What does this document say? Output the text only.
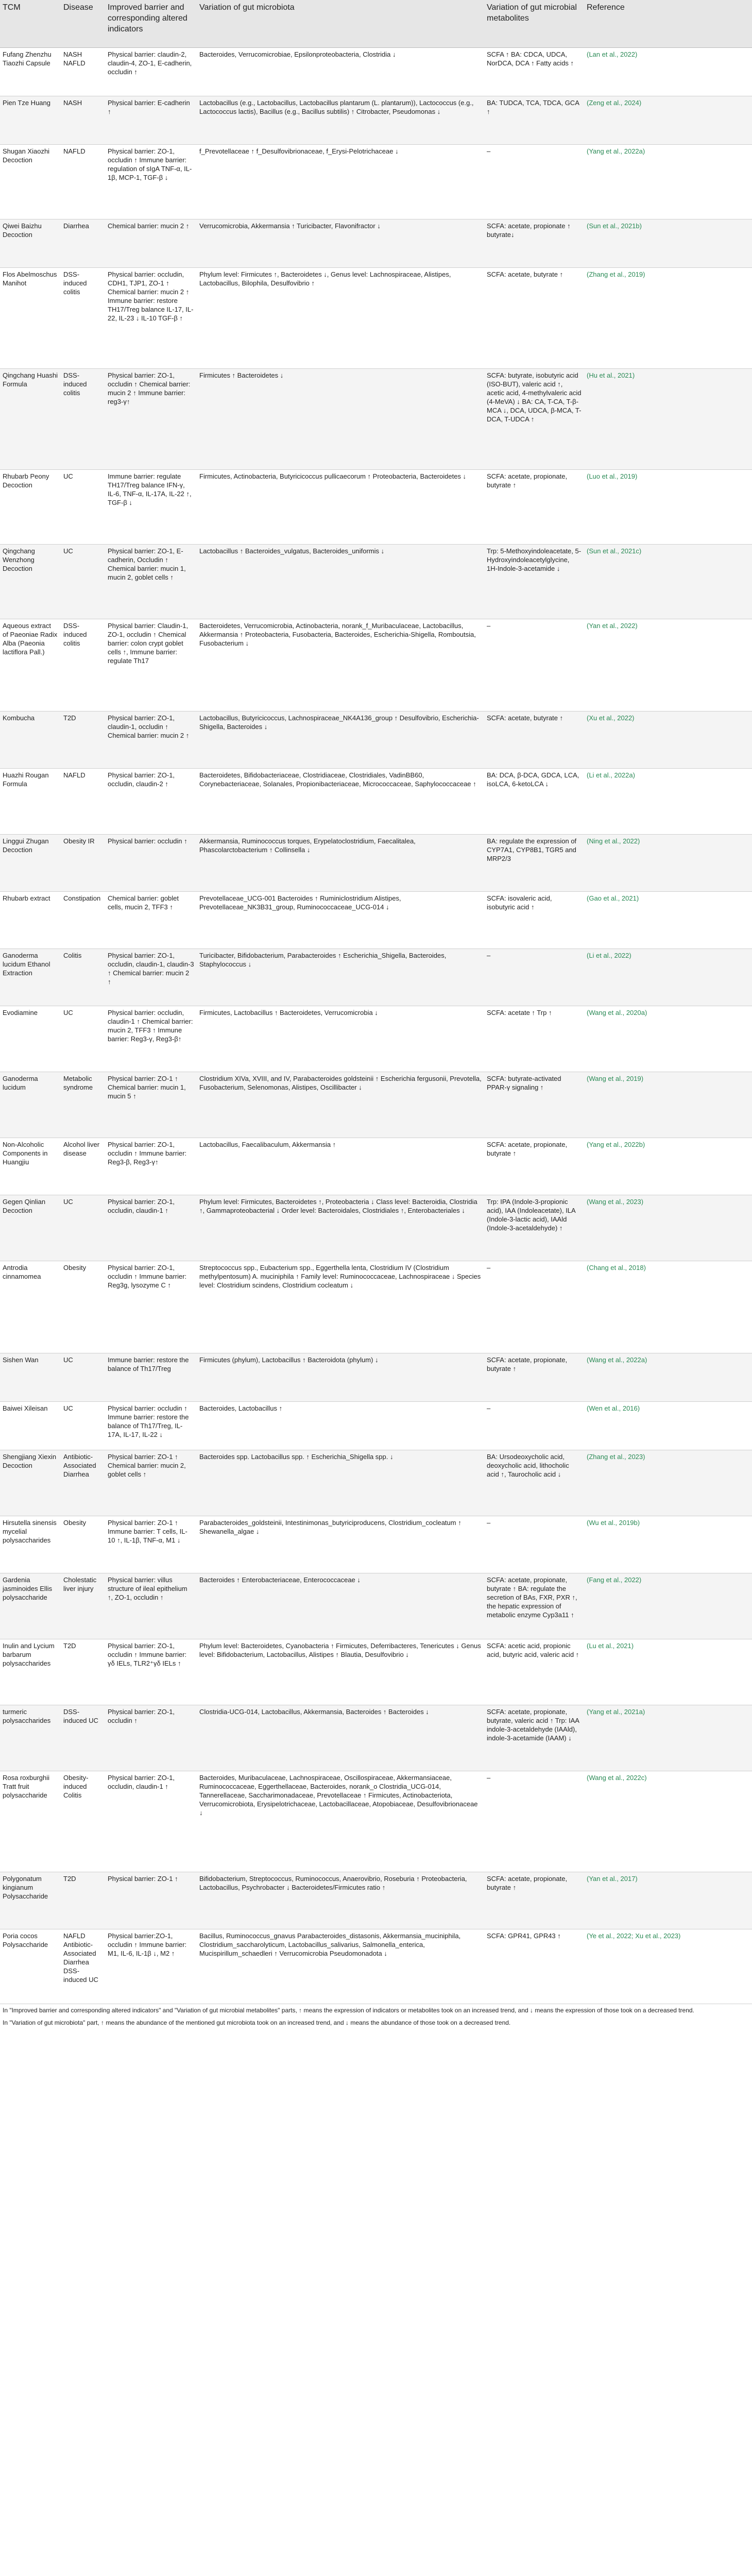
TCM	Disease	Improved barrier and corresponding altered indicators	Variation of gut microbiota	Variation of gut microbial metabolites	Reference
Fufang Zhenzhu Tiaozhi Capsule	NASH NAFLD	Physical barrier: claudin-2, claudin-4, ZO-1, E-cadherin, occludin ↑	Bacteroides, Verrucomicrobiae, Epsilonproteobacteria, Clostridia ↓	SCFA ↑ BA: CDCA, UDCA, NorDCA, DCA ↑ Fatty acids ↑	(Lan et al., 2022)
Pien Tze Huang	NASH	Physical barrier: E-cadherin ↑	Lactobacillus (e.g., Lactobacillus, Lactobacillus plantarum (L. plantarum)), Lactococcus (e.g., Lactococcus lactis), Bacillus (e.g., Bacillus subtilis) ↑ Citrobacter, Pseudomonas ↓	BA: TUDCA, TCA, TDCA, GCA ↑	(Zeng et al., 2024)
Shugan Xiaozhi Decoction	NAFLD	Physical barrier: ZO-1, occludin ↑ Immune barrier: regulation of sIgA TNF-α, IL-1β, MCP-1, TGF-β ↓	f_Prevotellaceae ↑ f_Desulfovibrionaceae, f_Erysi-Pelotrichaceae ↓	–	(Yang et al., 2022a)
Qiwei Baizhu Decoction	Diarrhea	Chemical barrier: mucin 2 ↑	Verrucomicrobia, Akkermansia ↑ Turicibacter, Flavonifractor ↓	SCFA: acetate, propionate ↑ butyrate↓	(Sun et al., 2021b)
Flos Abelmoschus Manihot	DSS-induced colitis	Physical barrier: occludin, CDH1, TJP1, ZO-1 ↑ Chemical barrier: mucin 2 ↑ Immune barrier: restore TH17/Treg balance IL-17, IL-22, IL-23 ↓ IL-10 TGF-β ↑	Phylum level: Firmicutes ↑, Bacteroidetes ↓, Genus level: Lachnospiraceae, Alistipes, Lactobacillus, Bilophila, Desulfovibrio ↑	SCFA: acetate, butyrate ↑	(Zhang et al., 2019)
Qingchang Huashi Formula	DSS-induced colitis	Physical barrier: ZO-1, occludin ↑ Chemical barrier: mucin 2 ↑ Immune barrier: reg3-γ↑	Firmicutes ↑ Bacteroidetes ↓	SCFA: butyrate, isobutyric acid (ISO-BUT), valeric acid ↑, acetic acid, 4-methylvaleric acid (4-MeVA) ↓ BA: CA, T-CA, T-β-MCA ↓, DCA, UDCA, β-MCA, T-DCA, T-UDCA ↑	(Hu et al., 2021)
Rhubarb Peony Decoction	UC	Immune barrier: regulate TH17/Treg balance IFN-γ, IL-6, TNF-α, IL-17A, IL-22 ↑, TGF-β ↓	Firmicutes, Actinobacteria, Butyricicoccus pullicaecorum ↑ Proteobacteria, Bacteroidetes ↓	SCFA: acetate, propionate, butyrate ↑	(Luo et al., 2019)
Qingchang Wenzhong Decoction	UC	Physical barrier: ZO-1, E-cadherin, Occludin ↑ Chemical barrier: mucin 1, mucin 2, goblet cells ↑	Lactobacillus ↑ Bacteroides_vulgatus, Bacteroides_uniformis ↓	Trp: 5-Methoxyindoleacetate, 5-Hydroxyindoleacetylglycine, 1H-Indole-3-acetamide ↓	(Sun et al., 2021c)
Aqueous extract of Paeoniae Radix Alba (Paeonia lactiflora Pall.)	DSS-induced colitis	Physical barrier: Claudin-1, ZO-1, occludin ↑ Chemical barrier: colon crypt goblet cells ↑, Immune barrier: regulate Th17	Bacteroidetes, Verrucomicrobia, Actinobacteria, norank_f_Muribaculaceae, Lactobacillus, Akkermansia ↑ Proteobacteria, Fusobacteria, Bacteroides, Escherichia-Shigella, Romboutsia, Fusobacterium ↓	–	(Yan et al., 2022)
Kombucha	T2D	Physical barrier: ZO-1, claudin-1, occludin ↑ Chemical barrier: mucin 2 ↑	Lactobacillus, Butyricicoccus, Lachnospiraceae_NK4A136_group ↑ Desulfovibrio, Escherichia-Shigella, Bacteroides ↓	SCFA: acetate, butyrate ↑	(Xu et al., 2022)
Huazhi Rougan Formula	NAFLD	Physical barrier: ZO-1, occludin, claudin-2 ↑	Bacteroidetes, Bifidobacteriaceae, Clostridiaceae, Clostridiales, VadinBB60, Corynebacteriaceae, Solanales, Propionibacteriaceae, Micrococcaceae, Saphylococcaceae ↑	BA: DCA, β-DCA, GDCA, LCA, isoLCA, 6-ketoLCA ↓	(Li et al., 2022a)
Linggui Zhugan Decoction	Obesity IR	Physical barrier: occludin ↑	Akkermansia, Ruminococcus torques, Erypelatoclostridium, Faecalitalea, Phascolarctobacterium ↑ Collinsella ↓	BA: regulate the expression of CYP7A1, CYP8B1, TGR5 and MRP2/3	(Ning et al., 2022)
Rhubarb extract	Constipation	Chemical barrier: goblet cells, mucin 2, TFF3 ↑	Prevotellaceae_UCG-001 Bacteroides ↑ Ruminiclostridium Alistipes, Prevotellaceae_NK3B31_group, Ruminococcaceae_UCG-014 ↓	SCFA: isovaleric acid, isobutyric acid ↑	(Gao et al., 2021)
Ganoderma lucidum Ethanol Extraction	Colitis	Physical barrier: ZO-1, occludin, claudin-1, claudin-3 ↑ Chemical barrier: mucin 2 ↑	Turicibacter, Bifidobacterium, Parabacteroides ↑ Escherichia_Shigella, Bacteroides, Staphylococcus ↓	–	(Li et al., 2022)
Evodiamine	UC	Physical barrier: occludin, claudin-1 ↑ Chemical barrier: mucin 2, TFF3 ↑ Immune barrier: Reg3-γ, Reg3-β↑	Firmicutes, Lactobacillus ↑ Bacteroidetes, Verrucomicrobia ↓	SCFA: acetate ↑ Trp ↑	(Wang et al., 2020a)
Ganoderma lucidum	Metabolic syndrome	Physical barrier: ZO-1 ↑ Chemical barrier: mucin 1, mucin 5 ↑	Clostridium XIVa, XVIII, and IV, Parabacteroides goldsteinii ↑ Escherichia fergusonii, Prevotella, Fusobacterium, Selenomonas, Alistipes, Oscillibacter ↓	SCFA: butyrate-activated PPAR-γ signaling ↑	(Wang et al., 2019)
Non-Alcoholic Components in Huangjiu	Alcohol liver disease	Physical barrier: ZO-1, occludin ↑ Immune barrier: Reg3-β, Reg3-γ↑	Lactobacillus, Faecalibaculum, Akkermansia ↑	SCFA: acetate, propionate, butyrate ↑	(Yang et al., 2022b)
Gegen Qinlian Decoction	UC	Physical barrier: ZO-1, occludin, claudin-1 ↑	Phylum level: Firmicutes, Bacteroidetes ↑, Proteobacteria ↓ Class level: Bacteroidia, Clostridia ↑, Gammaproteobacterial ↓ Order level: Bacteroidales, Clostridiales ↑, Enterobacteriales ↓	Trp: IPA (Indole-3-propionic acid), IAA (Indoleacetate), ILA (Indole-3-lactic acid), IAAld (Indole-3-acetaldehyde) ↑	(Wang et al., 2023)
Antrodia cinnamomea	Obesity	Physical barrier: ZO-1, occludin ↑ Immune barrier: Reg3g, lysozyme C ↑	Streptococcus spp., Eubacterium spp., Eggerthella lenta, Clostridium IV (Clostridium methylpentosum) A. muciniphila ↑ Family level: Ruminococcaceae, Lachnospiraceae ↓ Species level: Clostridium scindens, Clostridium cocleatum ↓	–	(Chang et al., 2018)
Sishen Wan	UC	Immune barrier: restore the balance of Th17/Treg	Firmicutes (phylum), Lactobacillus ↑ Bacteroidota (phylum) ↓	SCFA: acetate, propionate, butyrate ↑	(Wang et al., 2022a)
Baiwei Xileisan	UC	Physical barrier: occludin ↑ Immune barrier: restore the balance of Th17/Treg, IL-17A, IL-17, IL-22 ↓	Bacteroides, Lactobacillus ↑	–	(Wen et al., 2016)
Shengjiang Xiexin Decoction	Antibiotic-Associated Diarrhea	Physical barrier: ZO-1 ↑ Chemical barrier: mucin 2, goblet cells ↑	Bacteroides spp. Lactobacillus spp. ↑ Escherichia_Shigella spp. ↓	BA: Ursodeoxycholic acid, deoxycholic acid, lithocholic acid ↑, Taurocholic acid ↓	(Zhang et al., 2023)
Hirsutella sinensis mycelial polysaccharides	Obesity	Physical barrier: ZO-1 ↑ Immune barrier: T cells, IL-10 ↑, IL-1β, TNF-α, M1 ↓	Parabacteroides_goldsteinii, Intestinimonas_butyriciproducens, Clostridium_cocleatum ↑ Shewanella_algae ↓	–	(Wu et al., 2019b)
Gardenia jasminoides Ellis polysaccharide	Cholestatic liver injury	Physical barrier: villus structure of ileal epithelium ↑, ZO-1, occludin ↑	Bacteroides ↑ Enterobacteriaceae, Enterococcaceae ↓	SCFA: acetate, propionate, butyrate ↑ BA: regulate the secretion of BAs, FXR, PXR ↑, the hepatic expression of metabolic enzyme Cyp3a11 ↑	(Fang et al., 2022)
Inulin and Lycium barbarum polysaccharides	T2D	Physical barrier: ZO-1, occludin ↑ Immune barrier: γδ IELs, TLR2⁺γδ IELs ↑	Phylum level: Bacteroidetes, Cyanobacteria ↑ Firmicutes, Deferribacteres, Tenericutes ↓ Genus level: Bifidobacterium, Lactobacillus, Alistipes ↑ Blautia, Desulfovibrio ↓	SCFA: acetic acid, propionic acid, butyric acid, valeric acid ↑	(Lu et al., 2021)
turmeric polysaccharides	DSS-induced UC	Physical barrier: ZO-1, occludin ↑	Clostridia-UCG-014, Lactobacillus, Akkermansia, Bacteroides ↑ Bacteroides ↓	SCFA: acetate, propionate, butyrate, valeric acid ↑ Trp: IAA indole-3-acetaldehyde (IAAld), indole-3-acetamide (IAAM) ↓	(Yang et al., 2021a)
Rosa roxburghii Tratt fruit polysaccharide	Obesity-induced Colitis	Physical barrier: ZO-1, occludin, claudin-1 ↑	Bacteroides, Muribaculaceae, Lachnospiraceae, Oscillospiraceae, Akkermansiaceae, Ruminococcaceae, Eggerthellaceae, Bacteroides, norank_o Clostridia_UCG-014, Tannerellaceae, Saccharimonadaceae, Prevotellaceae ↑ Firmicutes, Actinobacteriota, Verrucomicrobiota, Erysipelotrichaceae, Lactobacillaceae, Atopobiaceae, Desulfovibrionaceae ↓	–	(Wang et al., 2022c)
Polygonatum kingianum Polysaccharide	T2D	Physical barrier: ZO-1 ↑	Bifidobacterium, Streptococcus, Ruminococcus, Anaerovibrio, Roseburia ↑ Proteobacteria, Lactobacillus, Psychrobacter ↓ Bacteroidetes/Firmicutes ratio ↑	SCFA: acetate, propionate, butyrate ↑	(Yan et al., 2017)
Poria cocos Polysaccharide	NAFLD Antibiotic-Associated Diarrhea DSS-induced UC	Physical barrier:ZO-1, occludin ↑ Immune barrier: M1, IL-6, IL-1β ↓, M2 ↑	Bacillus, Ruminococcus_gnavus Parabacteroides_distasonis, Akkermansia_muciniphila, Clostridium_saccharolyticum, Lactobacillus_salivarius, Salmonella_enterica, Mucispirillum_schaedleri ↑ Verrucomicrobia Pseudomonadota ↓	SCFA: GPR41, GPR43 ↑	(Ye et al., 2022; Xu et al., 2023)
In "Improved barrier and corresponding altered indicators" and "Variation of gut microbial metabolites" parts, ↑ means the expression of indicators or metabolites took on an increased trend, and ↓ means the expression of those took on a decreased trend.
In "Variation of gut microbiota" part, ↑ means the abundance of the mentioned gut microbiota took on an increased trend, and ↓ means the abundance of those took on a decreased trend.
